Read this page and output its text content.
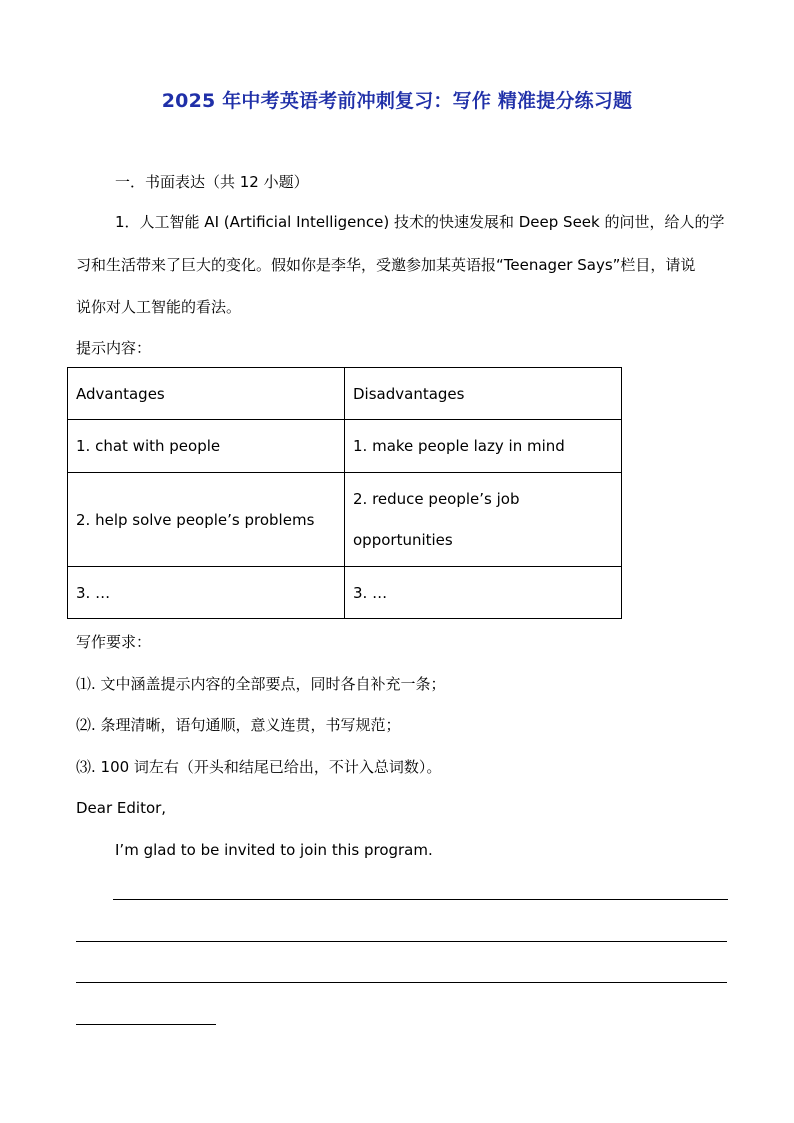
2025 年中考英语考前冲刺复习：写作 精准提分练习题
一．书面表达（共 12 小题）
1．人工智能 AI (Artificial Intelligence) 技术的快速发展和 Deep Seek 的问世，给人的学
习和生活带来了巨大的变化。假如你是李华，受邀参加某英语报“Teenager Says”栏目，请说
说你对人工智能的看法。
提示内容：
Advantages	Disadvantages
1. chat with people	1. make people lazy in mind
2. help solve people’s problems	2. reduce people’s job opportunities
3. …	3. …
写作要求：
⑴. 文中涵盖提示内容的全部要点，同时各自补充一条；
⑵. 条理清晰，语句通顺，意义连贯，书写规范；
⑶. 100 词左右（开头和结尾已给出，不计入总词数）。
Dear Editor,
I’m glad to be invited to join this program.
